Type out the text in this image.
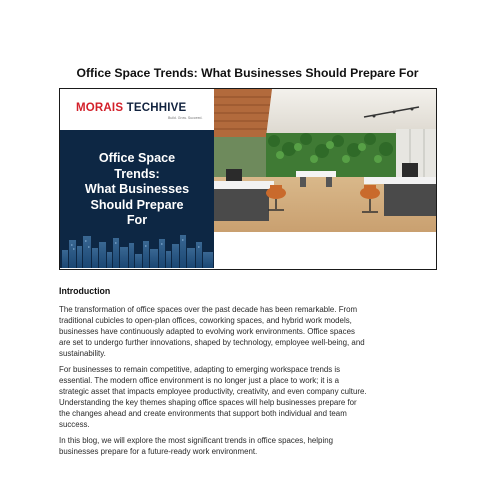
Office Space Trends: What Businesses Should Prepare For
MORAIS TECHHIVE
Build. Grow. Succeed.
Office Space
Trends:
What Businesses
Should Prepare
For
Introduction
The transformation of office spaces over the past decade has been remarkable. From
traditional cubicles to open-plan offices, coworking spaces, and hybrid work models,
businesses have continuously adapted to evolving work environments. Office spaces
are set to undergo further innovations, shaped by technology, employee well-being, and
sustainability.
For businesses to remain competitive, adapting to emerging workspace trends is
essential. The modern office environment is no longer just a place to work; it is a
strategic asset that impacts employee productivity, creativity, and even company culture.
Understanding the key themes shaping office spaces will help businesses prepare for
the changes ahead and create environments that support both individual and team
success.
In this blog, we will explore the most significant trends in office spaces, helping
businesses prepare for a future-ready work environment.
